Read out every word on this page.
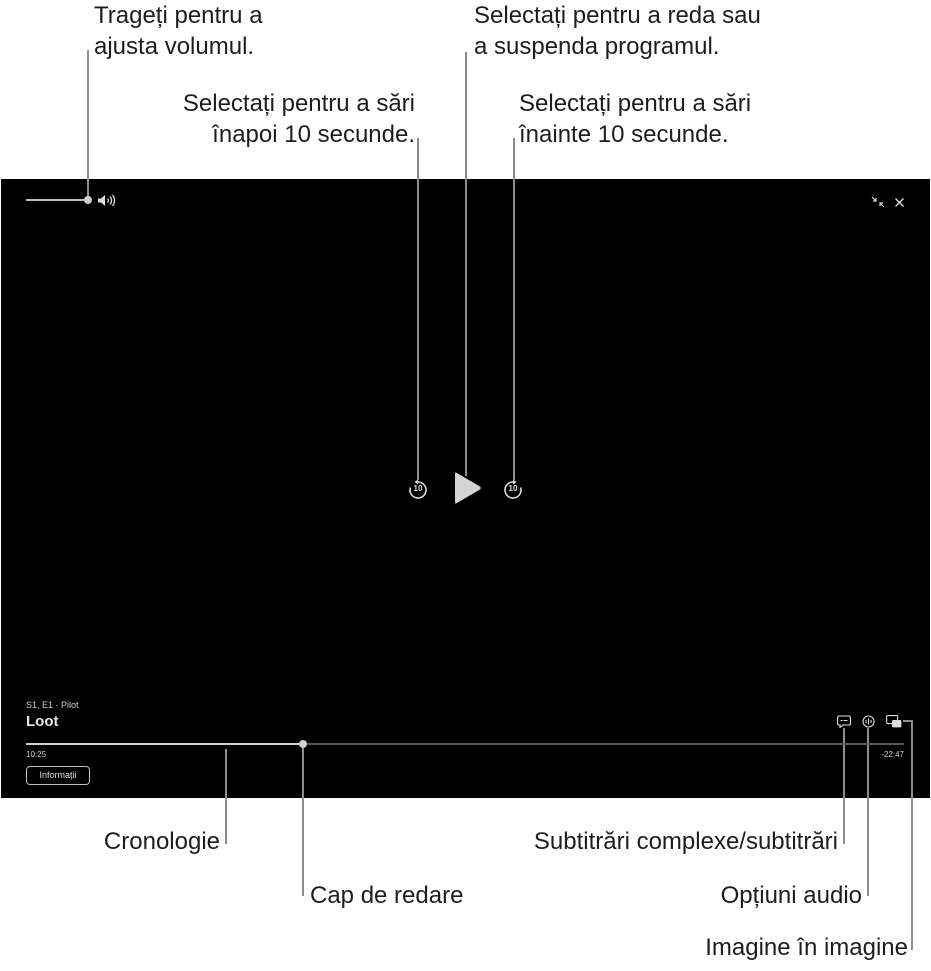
Trageți pentru a
ajusta volumul.
Selectați pentru a reda sau
a suspenda programul.
Selectați pentru a sări
înapoi 10 secunde.
Selectați pentru a sări
înainte 10 secunde.
Cronologie
Cap de redare
Subtitrări complexe/subtitrări
Opțiuni audio
Imagine în imagine
10	10
S1, E1 · Pilot
Loot
10:25	-22:47
Informații
